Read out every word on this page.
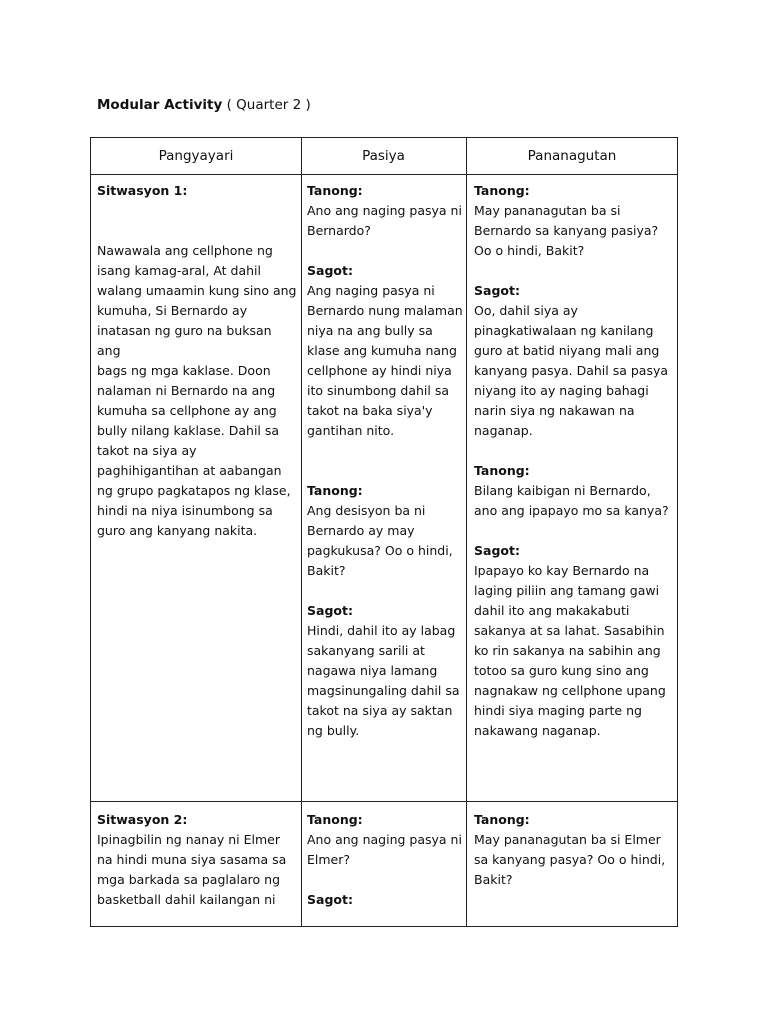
Modular Activity ( Quarter 2 )
Pangyayari	Pasiya	Pananagutan
Sitwasyon 1:
Nawawala ang cellphone ng
isang kamag-aral, At dahil
walang umaamin kung sino ang
kumuha, Si Bernardo ay
inatasan ng guro na buksan ang
bags ng mga kaklase. Doon
nalaman ni Bernardo na ang
kumuha sa cellphone ay ang
bully nilang kaklase. Dahil sa
takot na siya ay
paghihigantihan at aabangan
ng grupo pagkatapos ng klase,
hindi na niya isinumbong sa
guro ang kanyang nakita.
Tanong:
Ano ang naging pasya ni
Bernardo?
Sagot:
Ang naging pasya ni
Bernardo nung malaman
niya na ang bully sa
klase ang kumuha nang
cellphone ay hindi niya
ito sinumbong dahil sa
takot na baka siya'y
gantihan nito.
Tanong:
Ang desisyon ba ni
Bernardo ay may
pagkukusa? Oo o hindi,
Bakit?
Sagot:
Hindi, dahil ito ay labag
sakanyang sarili at
nagawa niya lamang
magsinungaling dahil sa
takot na siya ay saktan
ng bully.
Tanong:
May pananagutan ba si
Bernardo sa kanyang pasiya?
Oo o hindi, Bakit?
Sagot:
Oo, dahil siya ay
pinagkatiwalaan ng kanilang
guro at batid niyang mali ang
kanyang pasya. Dahil sa pasya
niyang ito ay naging bahagi
narin siya ng nakawan na
naganap.
Tanong:
Bilang kaibigan ni Bernardo,
ano ang ipapayo mo sa kanya?
Sagot:
Ipapayo ko kay Bernardo na
laging piliin ang tamang gawi
dahil ito ang makakabuti
sakanya at sa lahat. Sasabihin
ko rin sakanya na sabihin ang
totoo sa guro kung sino ang
nagnakaw ng cellphone upang
hindi siya maging parte ng
nakawang naganap.
Sitwasyon 2:
Ipinagbilin ng nanay ni Elmer
na hindi muna siya sasama sa
mga barkada sa paglalaro ng
basketball dahil kailangan ni
Tanong:
Ano ang naging pasya ni
Elmer?
Sagot:
Tanong:
May pananagutan ba si Elmer
sa kanyang pasya? Oo o hindi,
Bakit?
